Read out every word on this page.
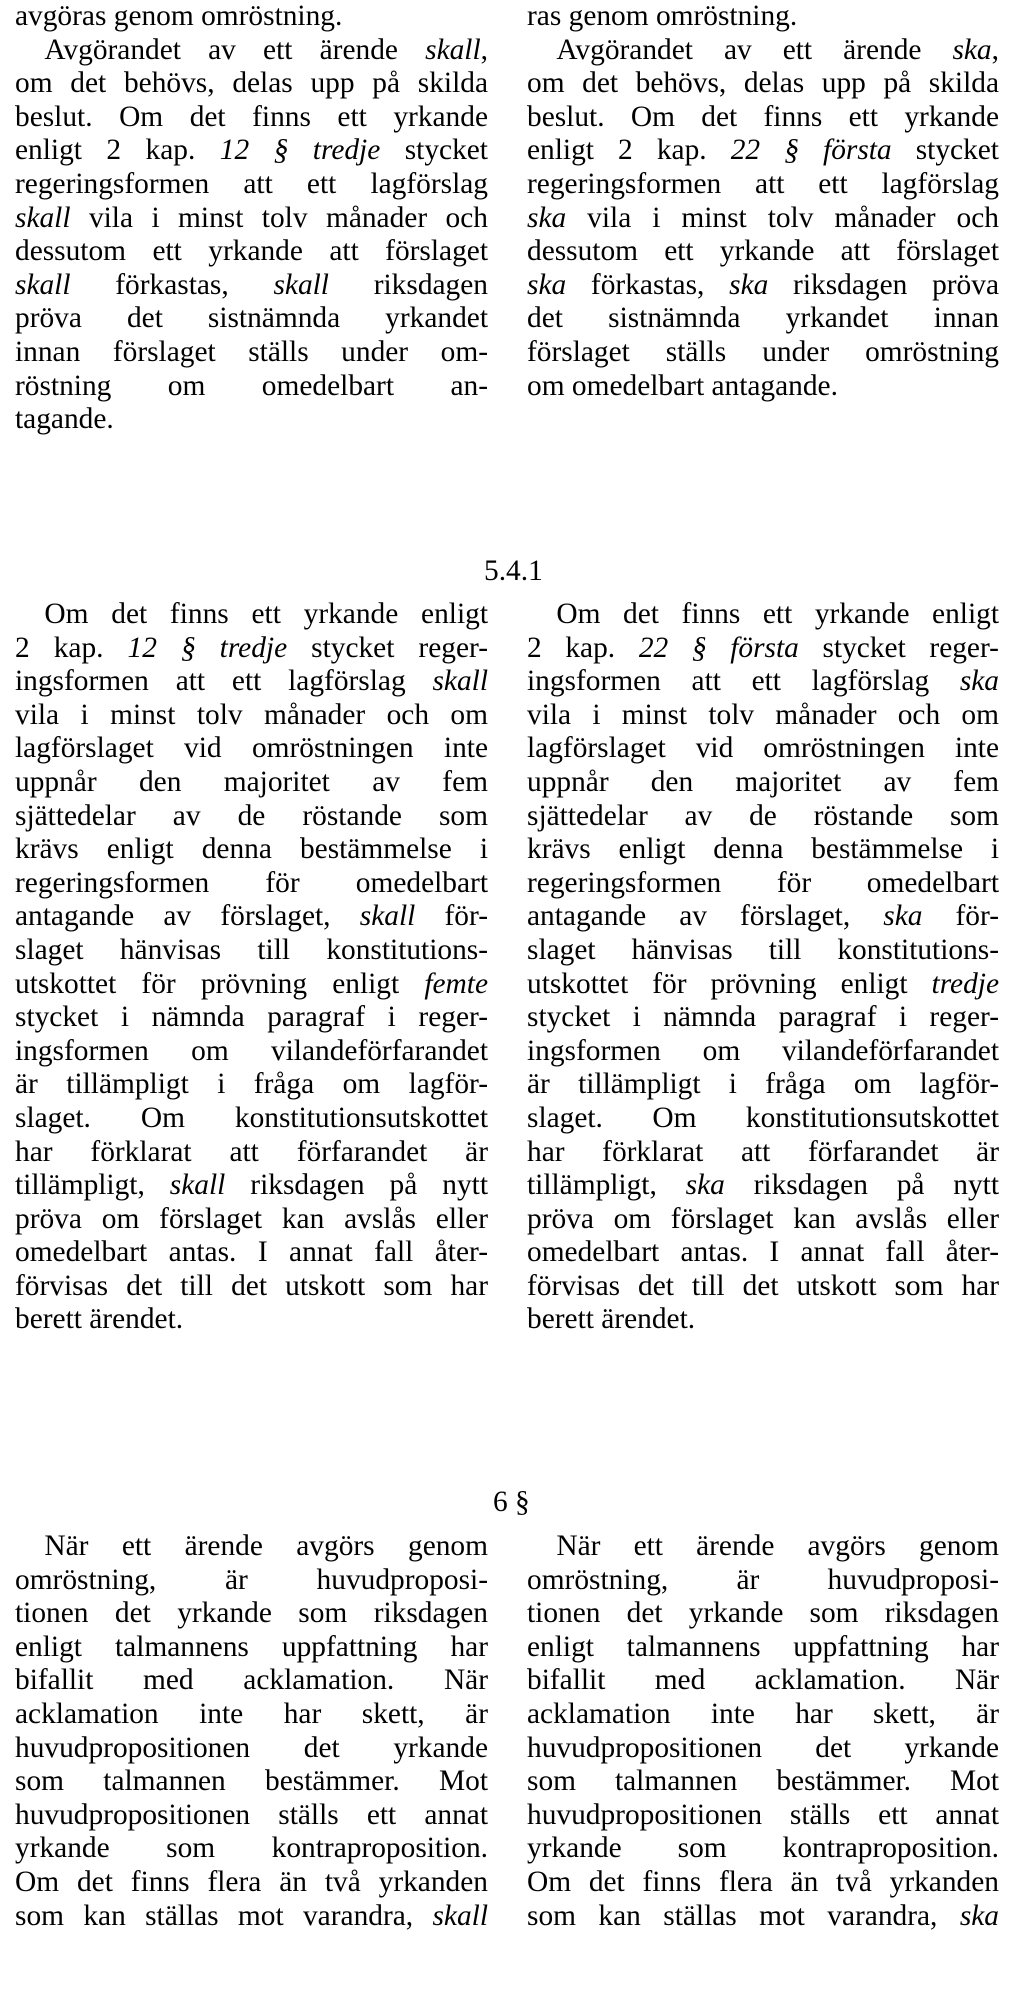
5.4.1
6 §
avgöras genom omröstning.
 Avgörandet av ett ärende skall,
om det behövs, delas upp på skilda
beslut. Om det finns ett yrkande
enligt 2 kap. 12 § tredje stycket
regeringsformen att ett lagförslag
skall vila i minst tolv månader och
dessutom ett yrkande att förslaget
skall förkastas, skall riksdagen
pröva det sistnämnda yrkandet
innan förslaget ställs under om-
röstning om omedelbart an-
tagande.
ras genom omröstning.
 Avgörandet av ett ärende ska,
om det behövs, delas upp på skilda
beslut. Om det finns ett yrkande
enligt 2 kap. 22 § första stycket
regeringsformen att ett lagförslag
ska vila i minst tolv månader och
dessutom ett yrkande att förslaget
ska förkastas, ska riksdagen pröva
det sistnämnda yrkandet innan
förslaget ställs under omröstning
om omedelbart antagande.
 Om det finns ett yrkande enligt
2 kap. 12 § tredje stycket reger-
ingsformen att ett lagförslag skall
vila i minst tolv månader och om
lagförslaget vid omröstningen inte
uppnår den majoritet av fem
sjättedelar av de röstande som
krävs enligt denna bestämmelse i
regeringsformen för omedelbart
antagande av förslaget, skall för-
slaget hänvisas till konstitutions-
utskottet för prövning enligt femte
stycket i nämnda paragraf i reger-
ingsformen om vilandeförfarandet
är tillämpligt i fråga om lagför-
slaget. Om konstitutionsutskottet
har förklarat att förfarandet är
tillämpligt, skall riksdagen på nytt
pröva om förslaget kan avslås eller
omedelbart antas. I annat fall åter-
förvisas det till det utskott som har
berett ärendet.
 Om det finns ett yrkande enligt
2 kap. 22 § första stycket reger-
ingsformen att ett lagförslag ska
vila i minst tolv månader och om
lagförslaget vid omröstningen inte
uppnår den majoritet av fem
sjättedelar av de röstande som
krävs enligt denna bestämmelse i
regeringsformen för omedelbart
antagande av förslaget, ska för-
slaget hänvisas till konstitutions-
utskottet för prövning enligt tredje
stycket i nämnda paragraf i reger-
ingsformen om vilandeförfarandet
är tillämpligt i fråga om lagför-
slaget. Om konstitutionsutskottet
har förklarat att förfarandet är
tillämpligt, ska riksdagen på nytt
pröva om förslaget kan avslås eller
omedelbart antas. I annat fall åter-
förvisas det till det utskott som har
berett ärendet.
 När ett ärende avgörs genom
omröstning, är huvudproposi-
tionen det yrkande som riksdagen
enligt talmannens uppfattning har
bifallit med acklamation. När
acklamation inte har skett, är
huvudpropositionen det yrkande
som talmannen bestämmer. Mot
huvudpropositionen ställs ett annat
yrkande som kontraproposition.
Om det finns flera än två yrkanden
som kan ställas mot varandra, skall
 När ett ärende avgörs genom
omröstning, är huvudproposi-
tionen det yrkande som riksdagen
enligt talmannens uppfattning har
bifallit med acklamation. När
acklamation inte har skett, är
huvudpropositionen det yrkande
som talmannen bestämmer. Mot
huvudpropositionen ställs ett annat
yrkande som kontraproposition.
Om det finns flera än två yrkanden
som kan ställas mot varandra, ska
